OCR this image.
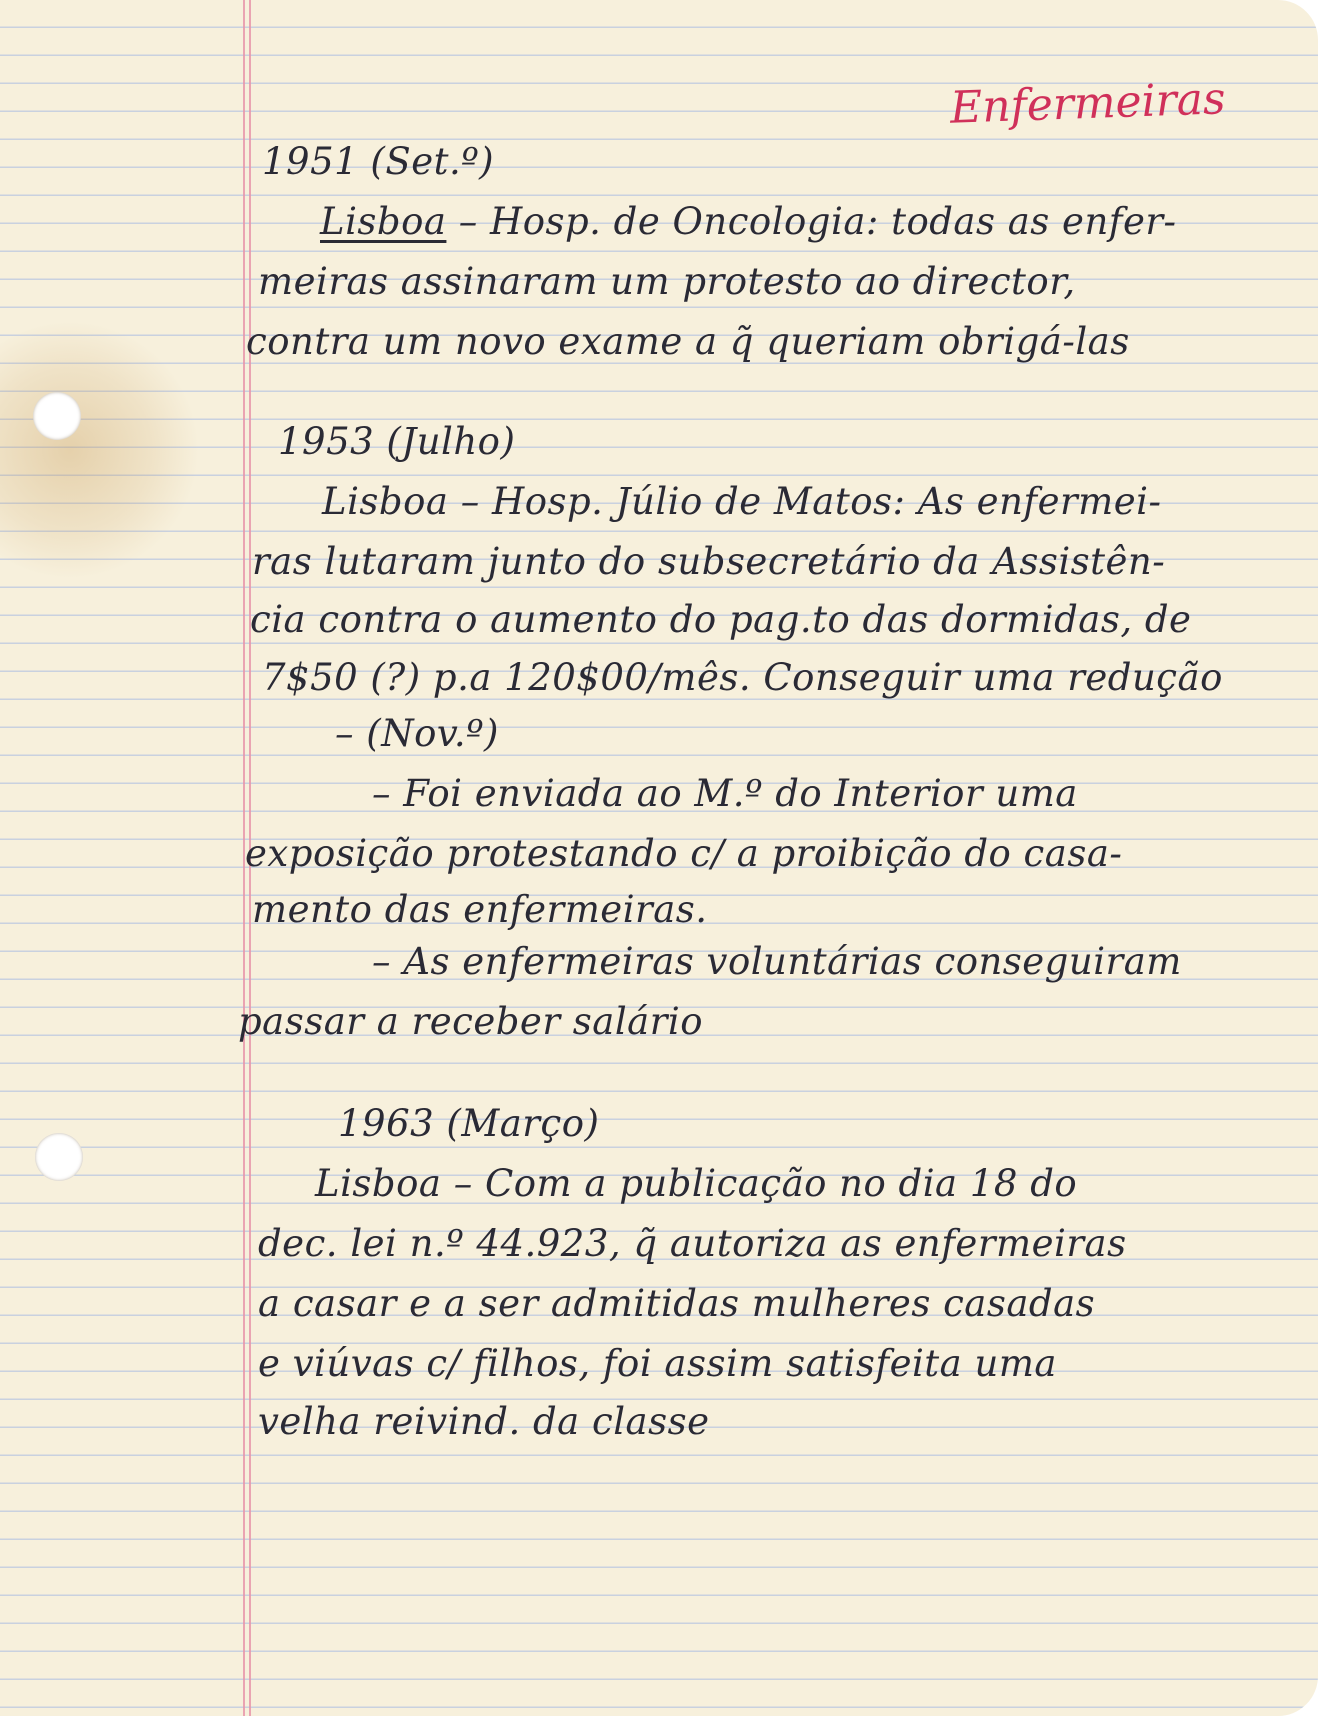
Enfermeiras
1951 (Set.º)
Lisboa – Hosp. de Oncologia: todas as enfer-
meiras assinaram um protesto ao director,
contra um novo exame a q̃ queriam obrigá-las
1953 (Julho)
Lisboa – Hosp. Júlio de Matos: As enfermei-
ras lutaram junto do subsecretário da Assistên-
cia contra o aumento do pag.to das dormidas, de
7$50 (?) p.a 120$00/mês. Conseguir uma redução
– (Nov.º)
– Foi enviada ao M.º do Interior uma
exposição protestando c/ a proibição do casa-
mento das enfermeiras.
– As enfermeiras voluntárias conseguiram
passar a receber salário
1963 (Março)
Lisboa – Com a publicação no dia 18 do
dec. lei n.º 44.923, q̃ autoriza as enfermeiras
a casar e a ser admitidas mulheres casadas
e viúvas c/ filhos, foi assim satisfeita uma
velha reivind. da classe
